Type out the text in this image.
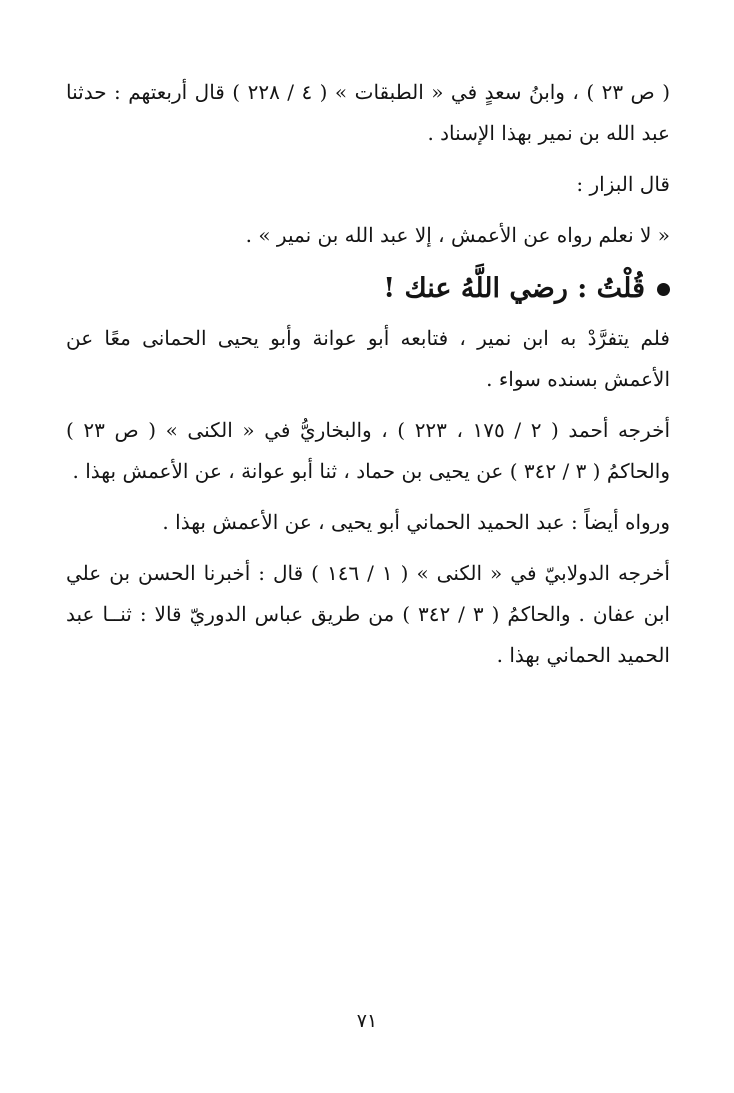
( ص ٢٣ ) ، وابنُ سعدٍ في « الطبقات » ( ٤ / ٢٢٨ ) قال أربعتهم : حدثنا عبد الله بن نمير بهذا الإسناد .

قال البزار :

« لا نعلم رواه عن الأعمش ، إلا عبد الله بن نمير » .

قُلْتُ : رضي اللَّهُ عنك !

فلم يتفرَّدْ به ابن نمير ، فتابعه أبو عوانة وأبو يحيى الحمانى معًا عن الأعمش بسنده سواء .

أخرجه أحمد ( ٢ / ١٧٥ ، ٢٢٣ ) ، والبخاريُّ في « الكنى » ( ص ٢٣ ) والحاكمُ ( ٣ / ٣٤٢ ) عن يحيى بن حماد ، ثنا أبو عوانة ، عن الأعمش بهذا .

ورواه أيضاً : عبد الحميد الحماني أبو يحيى ، عن الأعمش بهذا .

أخرجه الدولابيّ في « الكنى » ( ١ / ١٤٦ ) قال : أخبرنا الحسن بن علي ابن عفان . والحاكمُ ( ٣ / ٣٤٢ ) من طريق عباس الدوريّ قالا : ثنــا عبد الحميد الحماني بهذا .

٧١
